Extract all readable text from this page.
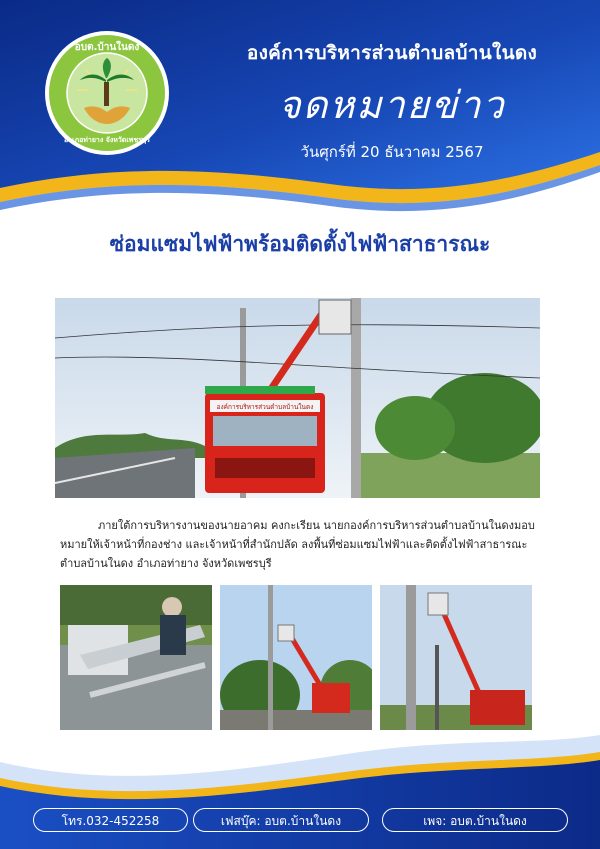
อบต.บ้านในดง
อำเภอท่ายาง จังหวัดเพชรบุรี
องค์การบริหารส่วนตำบลบ้านในดง
จดหมายข่าว
วันศุกร์ที่ 20 ธันวาคม 2567
ซ่อมแซมไฟฟ้าพร้อมติดตั้งไฟฟ้าสาธารณะ
องค์การบริหารส่วนตำบลบ้านในดง
ภายใต้การบริหารงานของนายอาคม คงกะเรียน นายกองค์การบริหารส่วนตำบลบ้านในดงมอบหมายให้เจ้าหน้าที่กองช่าง และเจ้าหน้าที่สำนักปลัด ลงพื้นที่ซ่อมแซมไฟฟ้าและติดตั้งไฟฟ้าสาธารณะ ตำบลบ้านในดง อำเภอท่ายาง จังหวัดเพชรบุรี
โทร.032-452258	เฟสบุ๊ค: อบต.บ้านในดง	เพจ: อบต.บ้านในดง
